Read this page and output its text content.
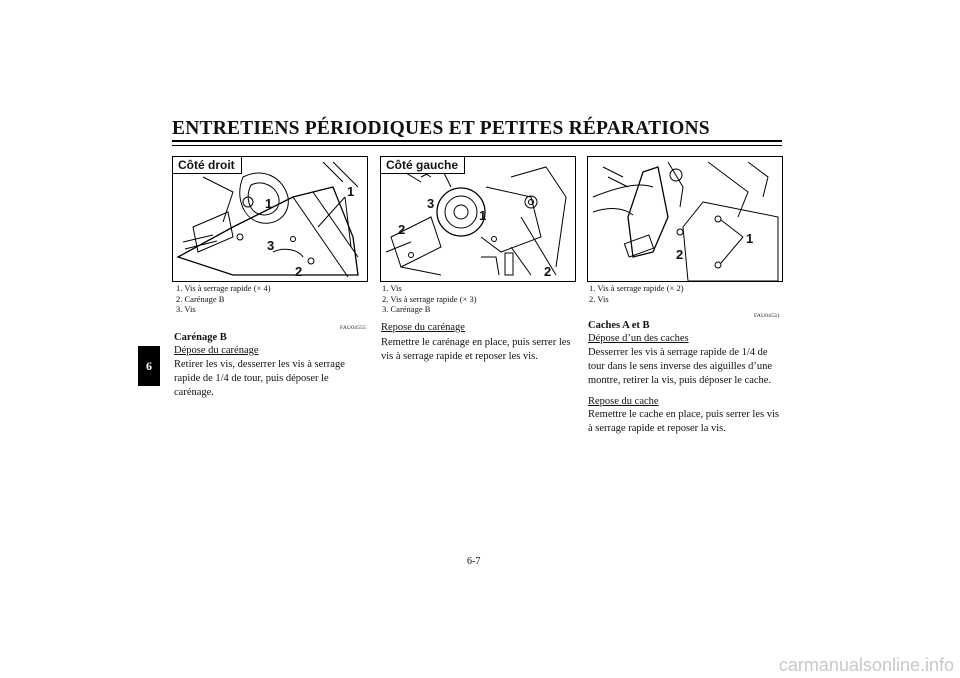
ENTRETIENS PÉRIODIQUES ET PETITES RÉPARATIONS
6
Côté droit
1
1
3
2
1. Vis à serrage rapide (× 4)
2. Carénage B
3. Vis
FAU04555
Carénage B
Dépose du carénage
Retirer les vis, desserrer les vis à serrage rapide de 1/4 de tour, puis déposer le carénage.
Côté gauche
3
1
2
2
1. Vis
2. Vis à serrage rapide (× 3)
3. Carénage B
Repose du carénage
Remettre le carénage en place, puis serrer les vis à serrage rapide et reposer les vis.
1
2
1. Vis à serrage rapide (× 2)
2. Vis
FAU04531
Caches A et B
Dépose d’un des caches
Desserrer les vis à serrage rapide de 1/4 de tour dans le sens inverse des aiguilles d’une montre, retirer la vis, puis déposer le cache.
Repose du cache
Remettre le cache en place, puis serrer les vis à serrage rapide et reposer la vis.
6-7
carmanualsonline.info
